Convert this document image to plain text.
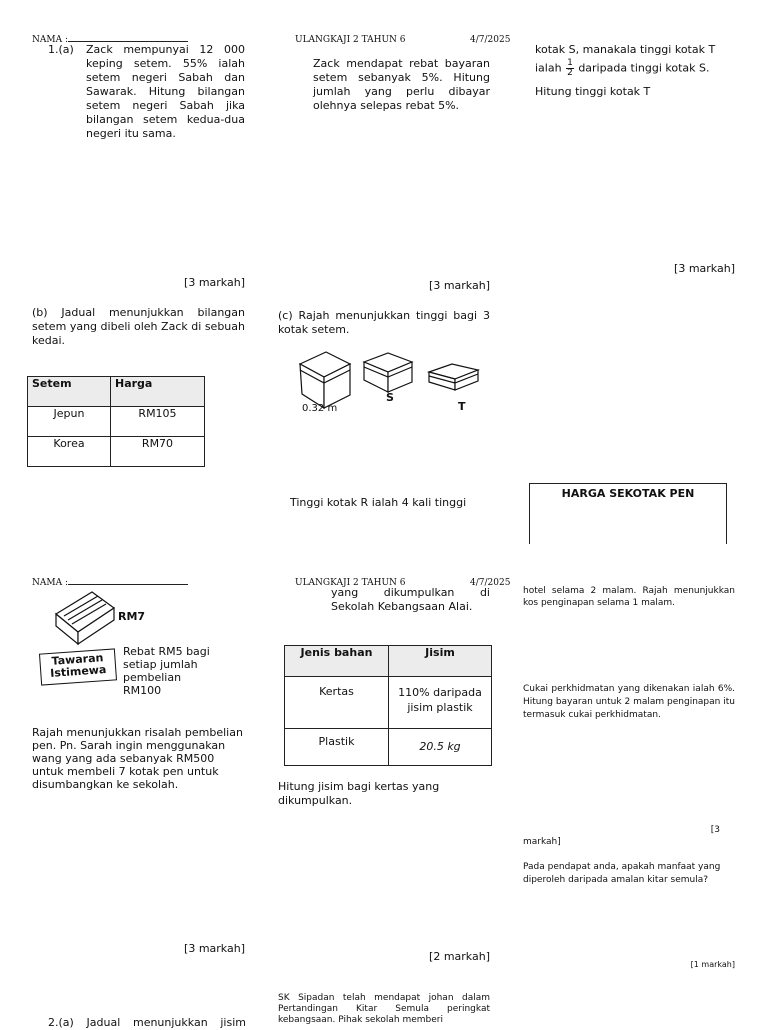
NAMA :	ULANGKAJI 2 TAHUN 6	4/7/2025
1.(a) Zack mempunyai 12 000 keping setem. 55% ialah setem negeri Sabah dan Sawarak. Hitung bilangan setem negeri Sabah jika bilangan setem kedua-dua negeri itu sama.
[3 markah]
(b) Jadual menunjukkan bilangan setem yang dibeli oleh Zack di sebuah kedai.
Setem	Harga
Jepun	RM105
Korea	RM70
Zack mendapat rebat bayaran setem sebanyak 5%. Hitung jumlah yang perlu dibayar olehnya selepas rebat 5%.
[3 markah]
(c) Rajah menunjukkan tinggi bagi 3 kotak setem.
0.32 m
S
T
Tinggi kotak R ialah 4 kali tinggi
kotak S, manakala tinggi kotak T
ialah $\frac{1}{2}$ daripada tinggi kotak S.
Hitung tinggi kotak T
[3 markah]
HARGA SEKOTAK PEN
NAMA :	ULANGKAJI 2 TAHUN 6	4/7/2025
RM7
Tawaran
Istimewa
Rebat RM5 bagi setiap jumlah pembelian RM100
Rajah menunjukkan risalah pembelian pen. Pn. Sarah ingin menggunakan wang yang ada sebanyak RM500 untuk membeli 7 kotak pen untuk disumbangkan ke sekolah.
[3 markah]
2.(a) Jadual menunjukkan jisim
yang dikumpulkan di Sekolah Kebangsaan Alai.
Jenis bahan	Jisim
Kertas	110% daripada jisim plastik
Plastik	20.5 kg
Hitung jisim bagi kertas yang dikumpulkan.
[2 markah]
SK Sipadan telah mendapat johan dalam Pertandingan Kitar Semula peringkat kebangsaan. Pihak sekolah memberi
hotel selama 2 malam. Rajah menunjukkan kos penginapan selama 1 malam.
Cukai perkhidmatan yang dikenakan ialah 6%. Hitung bayaran untuk 2 malam penginapan itu termasuk cukai perkhidmatan.
[3
markah]
Pada pendapat anda, apakah manfaat yang diperoleh daripada amalan kitar semula?
[1 markah]
